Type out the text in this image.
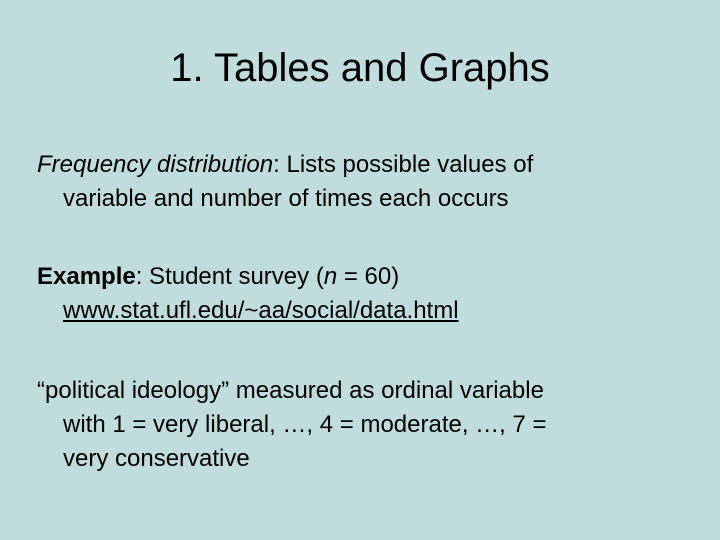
1. Tables and Graphs
Frequency distribution: Lists possible values of
variable and number of times each occurs
Example: Student survey (n = 60)
www.stat.ufl.edu/~aa/social/data.html
“political ideology” measured as ordinal variable
with 1 = very liberal, …, 4 = moderate, …, 7 =
very conservative
